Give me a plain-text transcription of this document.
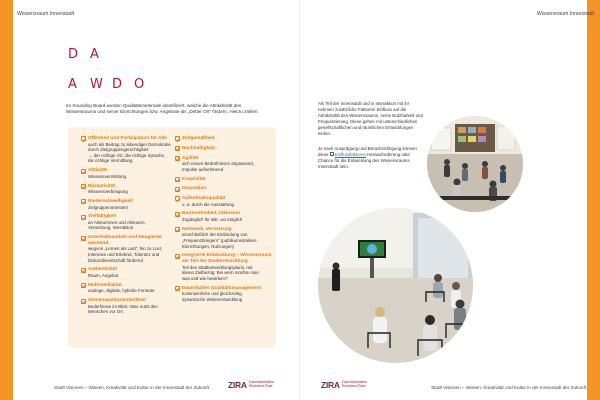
Wissensraum Innenstadt	Wissensraum Innenstadt
D A
A W D O

Im Sounding Board wurden Qualitätsmerkmale identifiziert, welche die Attraktivität des Wissensraums und seiner Einrichtungen bzw. Angebote als „Dritter Ort“ fördern. Hierzu zählen:

Offenheit und Partizipation für Alle
auch als Beitrag zu lebendiger Demokratie
durch Zielgruppengerechtigkeit
→ der richtige Ort, die richtige Sprache,
die richtige Vermittlung
Aktivität
Wissensvermittlung
Rezeptivität
Wissensverbringung
Niederschwelligkeit
zielgruppenorientiert
Vielfältigkeit
an Akteurinnen und Akteuren,
Vernetzung, Interaktion
Unterhaltsamkeit und Neugierde weckend
wegvon „Lernen als Last“, hin zu Lust,
Interesse und Erlebnis, Toleranz und
Diskursbereitschaft fördernd
Authentizität
Raum, Angebot
Multimedialität
analoge, digitale, hybride Formate
Gemeinwohlorientiertheit
Bedürfnisse im Blick: Was nutzt den
Menschen vor Ort
Zeitgemäßheit
Nachhaltigkeit
Agilität
sich neuen Bedürfnissen anpassend,
Impulse aufnehmend
Kreativität
Innovation
Aufenthaltsqualität
u. a. durch die Ausstattung
Barrierefreiheit, Inklusion
Zugänglich für alle, wo möglich
Netzwerk, Vernetzung
einschließlich der Einbindung von
„Frequenzbringern“ (publikumsstarken
Einrichtungen, Nutzungen)
Integrierte Entwicklung – Wissensraum als Teil der Stadtentwicklung
Teil des Stadtentwicklungsplans, mit
klaren Zielbezüg: Bei wem möchte man
was und wie bewirken?
Dauerhaftes Qualitätsmanagement
kontinuierliche und gleichzeitig,
dynamische Weiterentwicklung

Als Teil der Innenstadt und in Interaktion mit ihr nehmen zusätzliche Faktoren Einfluss auf die Attraktivität des Wissensraums, seine Nutzbarkeit und Frequentierung. Diese gehen mit unterschiedlichen gesellschaftlichen und räumlichen Entwicklungen einher.

Je nach Ausprägung und Berücksichtigung können diese Einflussfaktoren Herausforderung oder Chance für die Entwicklung des Wissensraums Innenstadt sein.

Stadt Visionen – Wissen, Kreativität und Kultur in der Innenstadt der Zukunft	Stadt Visionen – Wissen, Kreativität und Kultur in der Innenstadt der Zukunft
ZIRA Zukunftsinitiative
Rheinland-Pfalz	ZIRA Zukunftsinitiative
Rheinland-Pfalz
